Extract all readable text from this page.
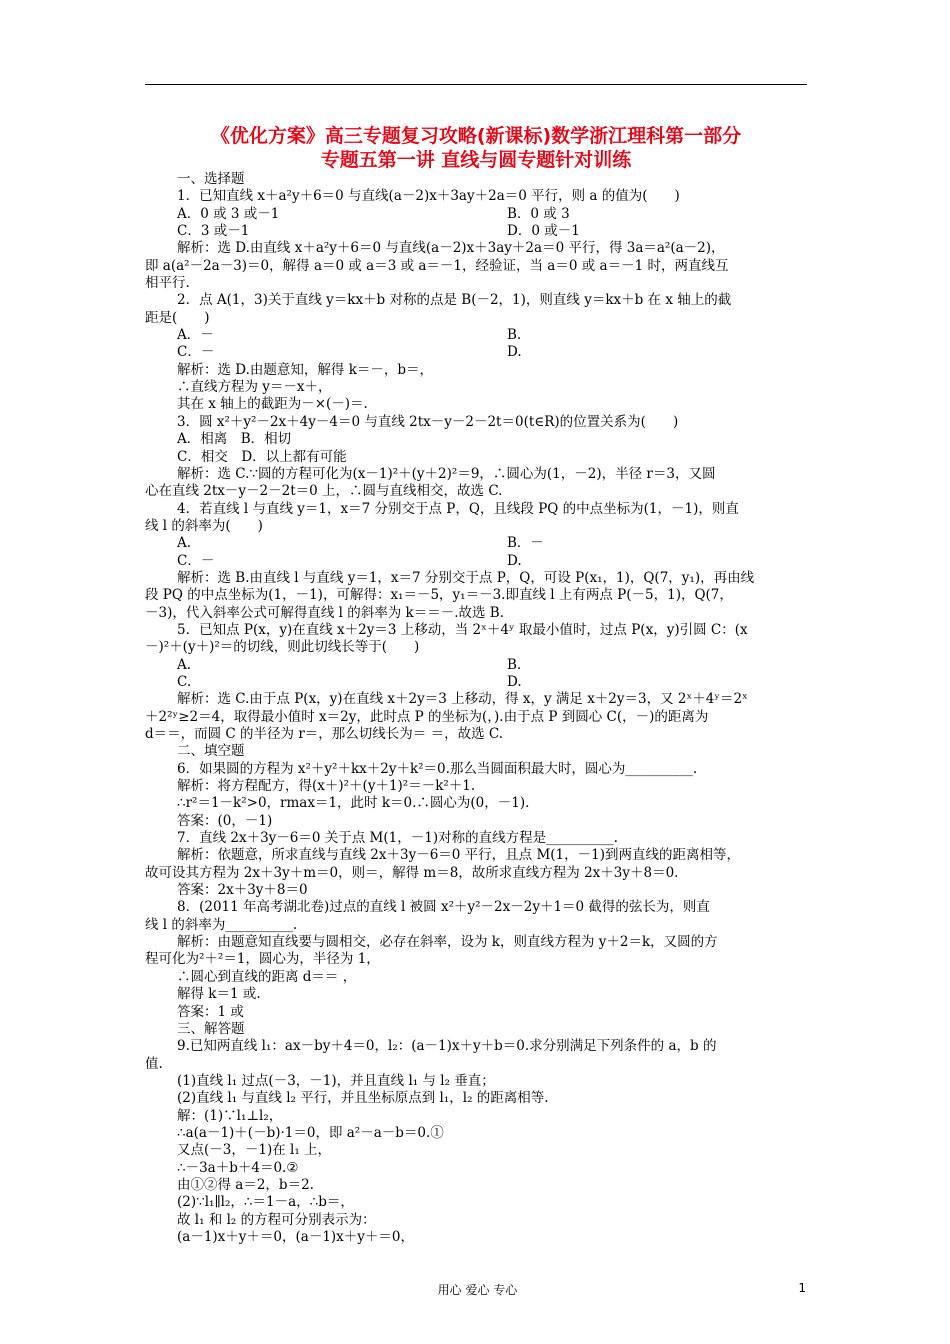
《优化方案》高三专题复习攻略(新课标)数学浙江理科第一部分
专题五第一讲 直线与圆专题针对训练
一、选择题
1．已知直线 x＋a²y＋6＝0 与直线(a－2)x＋3ay＋2a＝0 平行，则 a 的值为(　　)
A．0 或 3 或－1	B．0 或 3
C．3 或－1	D．0 或－1
解析：选 D.由直线 x＋a²y＋6＝0 与直线(a－2)x＋3ay＋2a＝0 平行，得 3a＝a²(a－2)，
即 a(a²－2a－3)＝0，解得 a＝0 或 a＝3 或 a＝－1，经验证，当 a＝0 或 a＝－1 时，两直线互
相平行.
2．点 A(1，3)关于直线 y＝kx＋b 对称的点是 B(－2，1)，则直线 y＝kx＋b 在 x 轴上的截
距是(　　)
A．－	B.
C．－	D.
解析：选 D.由题意知，解得 k＝－，b＝，
∴直线方程为 y＝－x＋，
其在 x 轴上的截距为－×(－)＝.
3．圆 x²＋y²－2x＋4y－4＝0 与直线 2tx－y－2－2t＝0(t∈R)的位置关系为(　　)
A．相离　B．相切
C．相交　D．以上都有可能
解析：选 C.∵圆的方程可化为(x－1)²＋(y＋2)²＝9，∴圆心为(1，－2)，半径 r＝3，又圆
心在直线 2tx－y－2－2t＝0 上，∴圆与直线相交，故选 C.
4．若直线 l 与直线 y＝1，x＝7 分别交于点 P，Q，且线段 PQ 的中点坐标为(1，－1)，则直
线 l 的斜率为(　　)
A.	B．－
C．－	D.
解析：选 B.由直线 l 与直线 y＝1，x＝7 分别交于点 P，Q，可设 P(x₁，1)，Q(7，y₁)，再由线
段 PQ 的中点坐标为(1，－1)，可解得：x₁＝－5，y₁＝－3.即直线 l 上有两点 P(－5，1)，Q(7，
－3)，代入斜率公式可解得直线 l 的斜率为 k＝＝－.故选 B.
5．已知点 P(x，y)在直线 x＋2y＝3 上移动，当 2ˣ＋4ʸ 取最小值时，过点 P(x，y)引圆 C：(x
－)²＋(y＋)²＝的切线，则此切线长等于(　　)
A.	B.
C.	D.
解析：选 C.由于点 P(x，y)在直线 x＋2y＝3 上移动，得 x，y 满足 x＋2y＝3，又 2ˣ＋4ʸ＝2ˣ
＋2²ʸ≥2＝4，取得最小值时 x＝2y，此时点 P 的坐标为(，).由于点 P 到圆心 C(，－)的距离为
d＝＝，而圆 C 的半径为 r＝，那么切线长为＝ ＝，故选 C.
二、填空题
6．如果圆的方程为 x²＋y²＋kx＋2y＋k²＝0.那么当圆面积最大时，圆心为__________.
解析：将方程配方，得(x＋)²＋(y＋1)²＝－k²＋1.
∴r²＝1－k²>0，rmax＝1，此时 k＝0.∴圆心为(0，－1).
答案：(0，－1)
7．直线 2x＋3y－6＝0 关于点 M(1，－1)对称的直线方程是__________.
解析：依题意，所求直线与直线 2x＋3y－6＝0 平行，且点 M(1，－1)到两直线的距离相等，
故可设其方程为 2x＋3y＋m＝0，则＝，解得 m＝8，故所求直线方程为 2x＋3y＋8＝0.
答案：2x＋3y＋8＝0
8．(2011 年高考湖北卷)过点的直线 l 被圆 x²＋y²－2x－2y＋1＝0 截得的弦长为，则直
线 l 的斜率为__________.
解析：由题意知直线要与圆相交，必存在斜率，设为 k，则直线方程为 y＋2＝k，又圆的方
程可化为²＋²＝1，圆心为，半径为 1，
∴圆心到直线的距离 d＝＝ ，
解得 k＝1 或.
答案：1 或
三、解答题
9.已知两直线 l₁：ax－by＋4＝0，l₂：(a－1)x＋y＋b＝0.求分别满足下列条件的 a，b 的
值.
(1)直线 l₁ 过点(－3，－1)，并且直线 l₁ 与 l₂ 垂直；
(2)直线 l₁ 与直线 l₂ 平行，并且坐标原点到 l₁，l₂ 的距离相等.
解：(1)∵l₁⊥l₂，
∴a(a－1)＋(－b)·1＝0，即 a²－a－b＝0.①
又点(－3，－1)在 l₁ 上，
∴－3a＋b＋4＝0.②
由①②得 a＝2，b＝2.
(2)∵l₁∥l₂，∴＝1－a，∴b＝，
故 l₁ 和 l₂ 的方程可分别表示为：
(a－1)x＋y＋＝0，(a－1)x＋y＋＝0，
用心 爱心 专心	1
